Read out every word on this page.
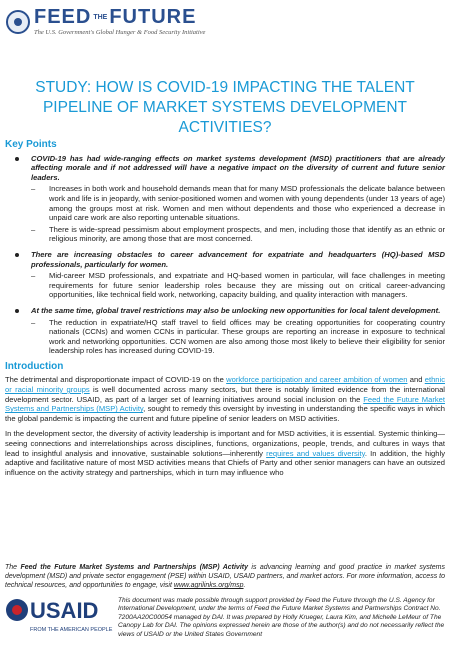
FEED THE FUTURE
The U.S. Government's Global Hunger & Food Security Initiative
STUDY: HOW IS COVID-19 IMPACTING THE TALENT PIPELINE OF MARKET SYSTEMS DEVELOPMENT ACTIVITIES?
Key Points
COVID-19 has had wide-ranging effects on market systems development (MSD) practitioners that are already affecting morale and if not addressed will have a negative impact on the diversity of current and future senior leaders.
– Increases in both work and household demands mean that for many MSD professionals the delicate balance between work and life is in jeopardy, with senior-positioned women and women with young dependents (under 13 years of age) among the groups most at risk. Women and men without dependents and those who experienced a decrease in unpaid care work are also reporting untenable situations.
– There is wide-spread pessimism about employment prospects, and men, including those that identify as an ethnic or religious minority, are among those that are most concerned.
There are increasing obstacles to career advancement for expatriate and headquarters (HQ)-based MSD professionals, particularly for women.
– Mid-career MSD professionals, and expatriate and HQ-based women in particular, will face challenges in meeting requirements for future senior leadership roles because they are missing out on critical career-advancing opportunities, like technical field work, networking, capacity building, and quality interaction with managers.
At the same time, global travel restrictions may also be unlocking new opportunities for local talent development.
– The reduction in expatriate/HQ staff travel to field offices may be creating opportunities for cooperating country nationals (CCNs) and women CCNs in particular. These groups are reporting an increase in exposure to technical work and networking opportunities. CCN women are also among those most likely to believe their eligibility for senior leadership roles has increased during COVID-19.
Introduction

The detrimental and disproportionate impact of COVID-19 on the workforce participation and career ambition of women and ethnic or racial minority groups is well documented across many sectors, but there is notably limited evidence from the international development sector. USAID, as part of a larger set of learning initiatives around social inclusion on the Feed the Future Market Systems and Partnerships (MSP) Activity, sought to remedy this oversight by investing in understanding the specific ways in which the global pandemic is impacting the current and future pipeline of senior leaders on MSD activities.

In the development sector, the diversity of activity leadership is important and for MSD activities, it is essential. Systemic thinking—seeing connections and interrelationships across disciplines, functions, organizations, people, trends, and cultures in ways that lead to insightful analysis and innovative, sustainable solutions—inherently requires and values diversity. In addition, the highly adaptive and facilitative nature of most MSD activities means that Chiefs of Party and other senior managers can have an outsized influence on the activity strategy and partnerships, which in turn may influence who

The Feed the Future Market Systems and Partnerships (MSP) Activity is advancing learning and good practice in market systems development (MSD) and private sector engagement (PSE) within USAID, USAID partners, and market actors. For more information, access to technical resources, and opportunities to engage, visit www.agrilinks.org/msp.
USAID
FROM THE AMERICAN PEOPLE
This document was made possible through support provided by Feed the Future through the U.S. Agency for International Development, under the terms of Feed the Future Market Systems and Partnerships Contract No. 7200AA20C00054 managed by DAI. It was prepared by Holly Krueger, Laura Kim, and Michelle LeMeur of The Canopy Lab for DAI. The opinions expressed herein are those of the author(s) and do not necessarily reflect the views of USAID or the United States Government
